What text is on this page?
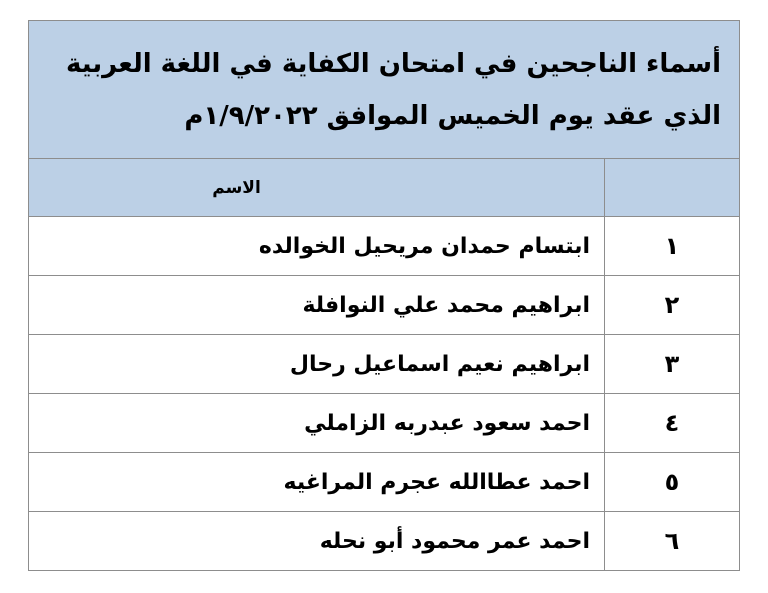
أسماء الناجحين في امتحان الكفاية في اللغة العربية
الذي عقد يوم الخميس الموافق ١/٩/٢٠٢٢م
الاسم
١
ابتسام حمدان مريحيل الخوالده
٢
ابراهيم محمد علي النوافلة
٣
ابراهيم نعيم اسماعيل رحال
٤
احمد سعود عبدربه الزاملي
٥
احمد عطاالله عجرم المراغيه
٦
احمد عمر محمود أبو نحله
